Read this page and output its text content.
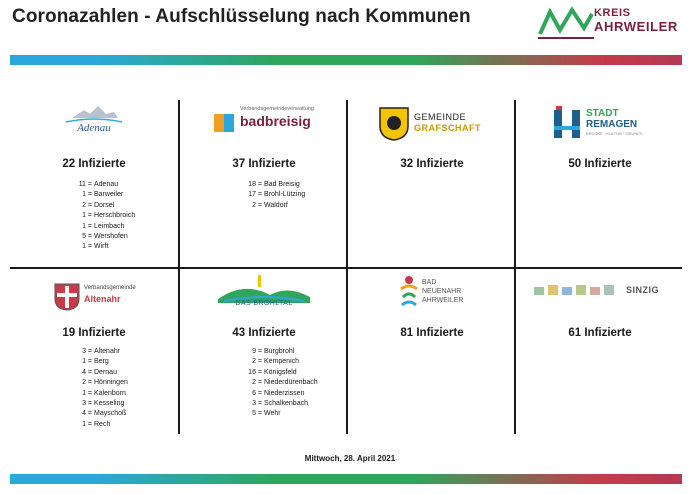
Coronazahlen - Aufschlüsselung nach Kommunen	KREIS
AHRWEILER
Adenau
22 Infizierte
11 = Adenau
1 = Barweiler
2 = Dorsel
1 = Herschbroich
1 = Leimbach
5 = Wershofen
1 = Wirft
Verbandsgemeindeverwaltung
badbreisig
37 Infizierte
18 = Bad Breisig
17 = Brohl-Lützing
2 = Waldorf
GEMEINDE
GRAFSCHAFT
32 Infizierte
STADT
REMAGEN
BRÜCKE · KULTUR · GRÜNES
50 Infizierte
Verbandsgemeinde
Altenahr
19 Infizierte
3 = Altenahr
1 = Berg
4 = Dernau
2 = Hönningen
1 = Kalenborn
3 = Kesseling
4 = Mayschoß
1 = Rech
DAS BROHLTAL
43 Infizierte
9 = Burgbrohl
2 = Kempenich
16 = Königsfeld
2 = Niederdürenbach
6 = Niederzissen
3 = Schalkenbach
5 = Wehr
BAD
NEUENAHR
AHRWEILER
81 Infizierte
SINZIG
61 Infizierte
Mittwoch, 28. April 2021
